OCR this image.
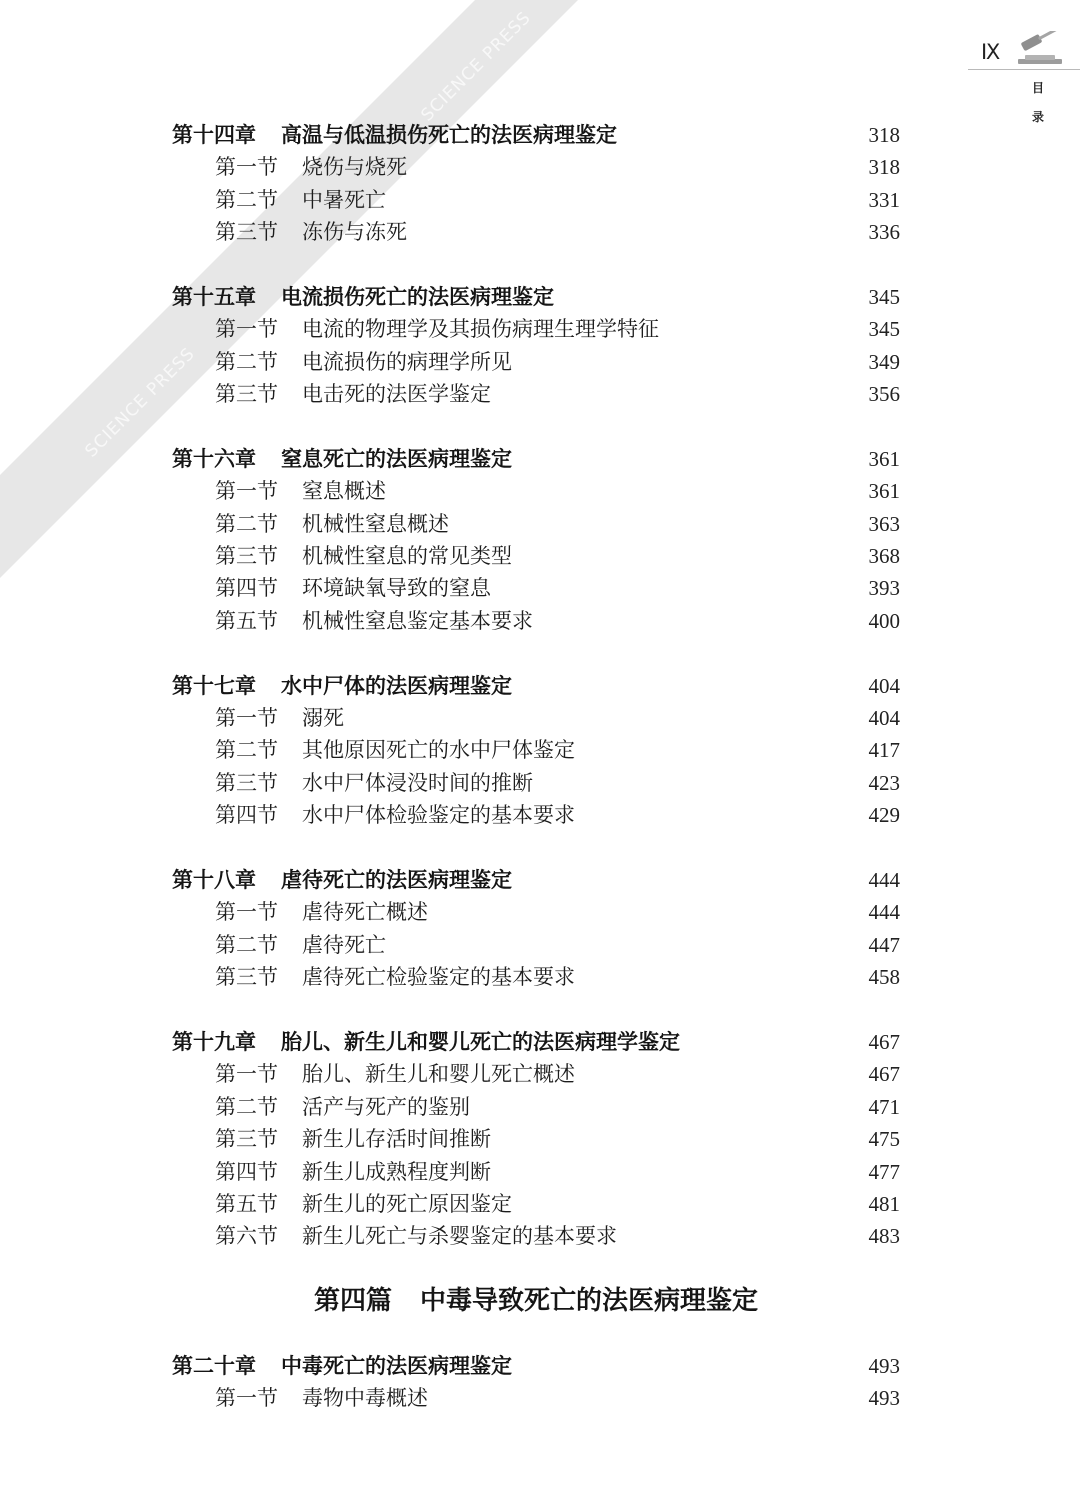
SCIENCE PRESS
SCIENCE PRESS	Ⅸ
目
录
第十四章 高温与低温损伤死亡的法医病理鉴定	318
第一节 烧伤与烧死	318
第二节 中暑死亡	331
第三节 冻伤与冻死	336
第十五章 电流损伤死亡的法医病理鉴定	345
第一节 电流的物理学及其损伤病理生理学特征	345
第二节 电流损伤的病理学所见	349
第三节 电击死的法医学鉴定	356
第十六章 窒息死亡的法医病理鉴定	361
第一节 窒息概述	361
第二节 机械性窒息概述	363
第三节 机械性窒息的常见类型	368
第四节 环境缺氧导致的窒息	393
第五节 机械性窒息鉴定基本要求	400
第十七章 水中尸体的法医病理鉴定	404
第一节 溺死	404
第二节 其他原因死亡的水中尸体鉴定	417
第三节 水中尸体浸没时间的推断	423
第四节 水中尸体检验鉴定的基本要求	429
第十八章 虐待死亡的法医病理鉴定	444
第一节 虐待死亡概述	444
第二节 虐待死亡	447
第三节 虐待死亡检验鉴定的基本要求	458
第十九章 胎儿、新生儿和婴儿死亡的法医病理学鉴定	467
第一节 胎儿、新生儿和婴儿死亡概述	467
第二节 活产与死产的鉴别	471
第三节 新生儿存活时间推断	475
第四节 新生儿成熟程度判断	477
第五节 新生儿的死亡原因鉴定	481
第六节 新生儿死亡与杀婴鉴定的基本要求	483
第四篇 中毒导致死亡的法医病理鉴定
第二十章 中毒死亡的法医病理鉴定	493
第一节 毒物中毒概述	493
